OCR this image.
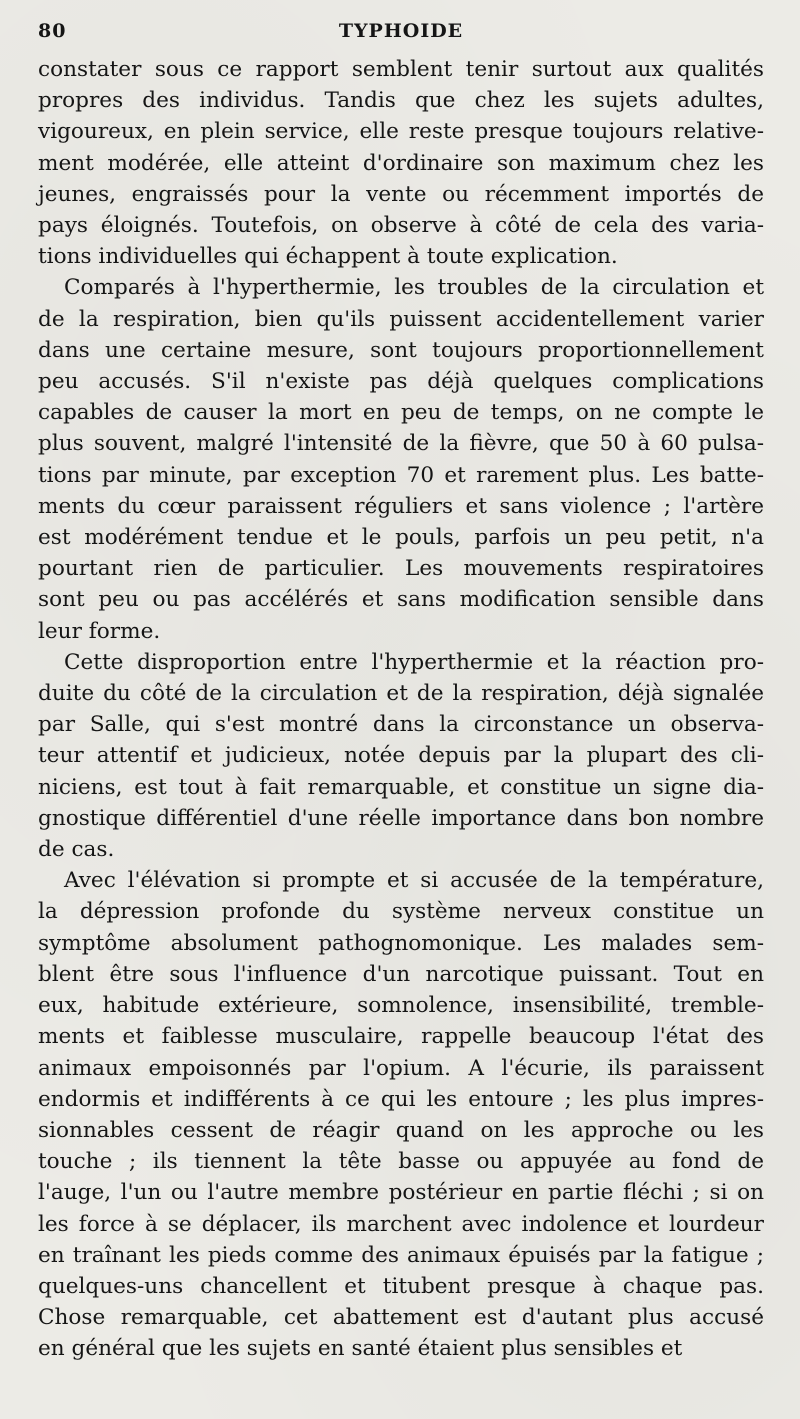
80	TYPHOIDE

constater sous ce rapport semblent tenir surtout aux qualités
propres des individus. Tandis que chez les sujets adultes,
vigoureux, en plein service, elle reste presque toujours relative-
ment modérée, elle atteint d'ordinaire son maximum chez les
jeunes, engraissés pour la vente ou récemment importés de
pays éloignés. Toutefois, on observe à côté de cela des varia-
tions individuelles qui échappent à toute explication.

Comparés à l'hyperthermie, les troubles de la circulation et
de la respiration, bien qu'ils puissent accidentellement varier
dans une certaine mesure, sont toujours proportionnellement
peu accusés. S'il n'existe pas déjà quelques complications
capables de causer la mort en peu de temps, on ne compte le
plus souvent, malgré l'intensité de la fièvre, que 50 à 60 pulsa-
tions par minute, par exception 70 et rarement plus. Les batte-
ments du cœur paraissent réguliers et sans violence ; l'artère
est modérément tendue et le pouls, parfois un peu petit, n'a
pourtant rien de particulier. Les mouvements respiratoires
sont peu ou pas accélérés et sans modification sensible dans
leur forme.

Cette disproportion entre l'hyperthermie et la réaction pro-
duite du côté de la circulation et de la respiration, déjà signalée
par Salle, qui s'est montré dans la circonstance un observa-
teur attentif et judicieux, notée depuis par la plupart des cli-
niciens, est tout à fait remarquable, et constitue un signe dia-
gnostique différentiel d'une réelle importance dans bon nombre
de cas.

Avec l'élévation si prompte et si accusée de la température,
la dépression profonde du système nerveux constitue un
symptôme absolument pathognomonique. Les malades sem-
blent être sous l'influence d'un narcotique puissant. Tout en
eux, habitude extérieure, somnolence, insensibilité, tremble-
ments et faiblesse musculaire, rappelle beaucoup l'état des
animaux empoisonnés par l'opium. A l'écurie, ils paraissent
endormis et indifférents à ce qui les entoure ; les plus impres-
sionnables cessent de réagir quand on les approche ou les
touche ; ils tiennent la tête basse ou appuyée au fond de
l'auge, l'un ou l'autre membre postérieur en partie fléchi ; si on
les force à se déplacer, ils marchent avec indolence et lourdeur
en traînant les pieds comme des animaux épuisés par la fatigue ;
quelques-uns chancellent et titubent presque à chaque pas.
Chose remarquable, cet abattement est d'autant plus accusé
en général que les sujets en santé étaient plus sensibles et
